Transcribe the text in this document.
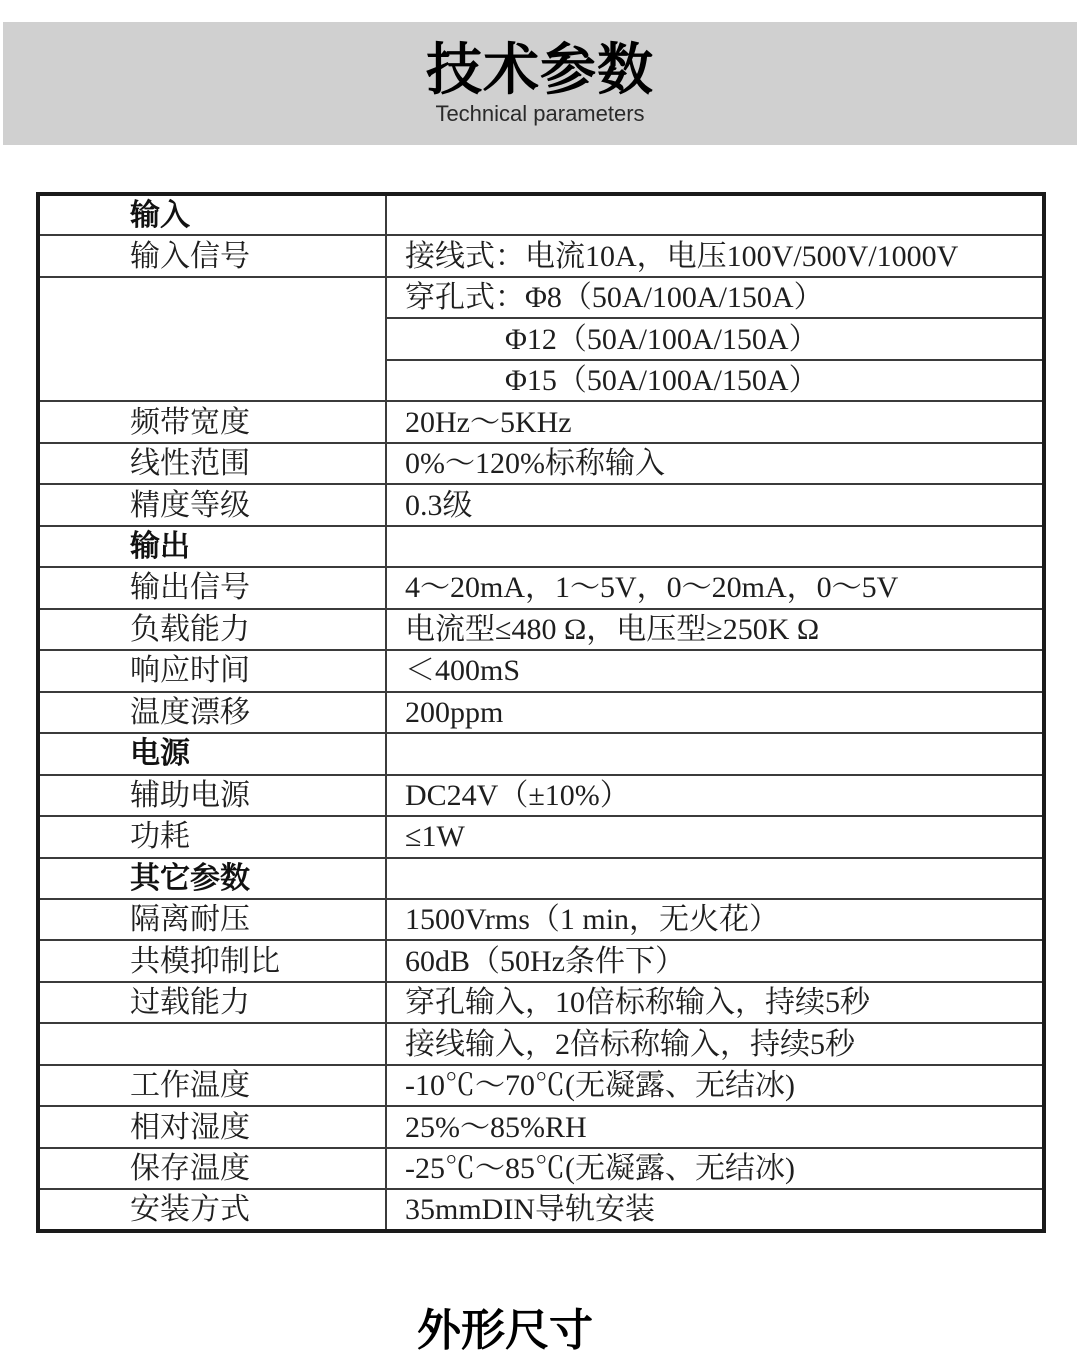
技术参数
Technical parameters
输入	
输入信号	接线式：电流10A，电压100V/500V/1000V
	穿孔式：Φ8（50A/100A/150A）
	Φ12（50A/100A/150A）
	Φ15（50A/100A/150A）
频带宽度	20Hz～5KHz
线性范围	0%～120%标称输入
精度等级	0.3级
输出	
输出信号	4～20mA，1～5V，0～20mA，0～5V
负载能力	电流型≤480 Ω，电压型≥250K Ω
响应时间	＜400mS
温度漂移	200ppm
电源	
辅助电源	DC24V（±10%）
功耗	≤1W
其它参数	
隔离耐压	1500Vrms（1 min，无火花）
共模抑制比	60dB（50Hz条件下）
过载能力	穿孔输入，10倍标称输入，持续5秒
	接线输入，2倍标称输入，持续5秒
工作温度	-10℃～70℃(无凝露、无结冰)
相对湿度	25%～85%RH
保存温度	-25℃～85℃(无凝露、无结冰)
安装方式	35mmDIN导轨安装
外形尺寸
